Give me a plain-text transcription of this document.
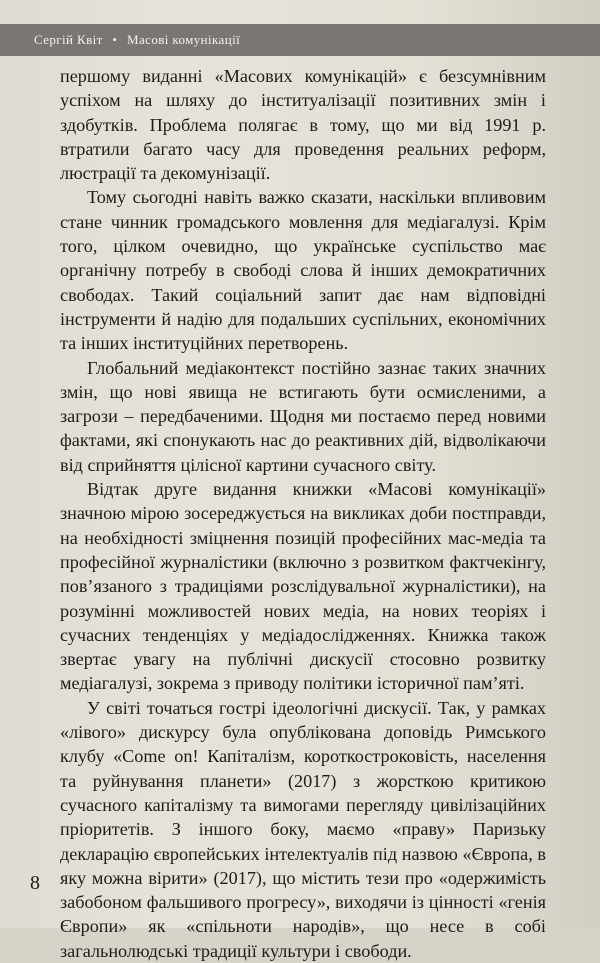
Сергій Квіт • Масові комунікації

першому виданні «Масових комунікацій» є безсумнівним успіхом на шляху до інституалізації позитивних змін і здобутків. Проблема полягає в тому, що ми від 1991 р. втратили багато часу для проведення реальних реформ, люстрації та декомунізації.

Тому сьогодні навіть важко сказати, наскільки впливовим стане чинник громадського мовлення для медіагалузі. Крім того, цілком очевидно, що українське суспільство має органічну потребу в свободі слова й інших демократичних свободах. Такий соціальний запит дає нам відповідні інструменти й надію для подальших суспільних, економічних та інших інституційних перетворень.

Глобальний медіаконтекст постійно зазнає таких значних змін, що нові явища не встигають бути осмисленими, а загрози – передбаченими. Щодня ми постаємо перед новими фактами, які спонукають нас до реактивних дій, відволікаючи від сприйняття цілісної картини сучасного світу.

Відтак друге видання книжки «Масові комунікації» значною мірою зосереджується на викликах доби постправди, на необхідності зміцнення позицій професійних мас-медіа та професійної журналістики (включно з розвитком фактчекінгу, пов’язаного з традиціями розслідувальної журналістики), на розумінні можливостей нових медіа, на нових теоріях і сучасних тенденціях у медіадослідженнях. Книжка також звертає увагу на публічні дискусії стосовно розвитку медіагалузі, зокрема з приводу політики історичної пам’яті.

У світі точаться гострі ідеологічні дискусії. Так, у рамках «лівого» дискурсу була опублікована доповідь Римського клубу «Come on! Капіталізм, короткостроковість, населення та руйнування планети» (2017) з жорсткою критикою сучасного капіталізму та вимогами перегляду цивілізаційних пріоритетів. З іншого боку, маємо «праву» Паризьку декларацію європейських інтелектуалів під назвою «Європа, в яку можна вірити» (2017), що містить тези про «одержимість забобоном фальшивого прогресу», виходячи із цінності «генія Європи» як «спільноти народів», що несе в собі загальнолюдські традиції культури і свободи.

8
